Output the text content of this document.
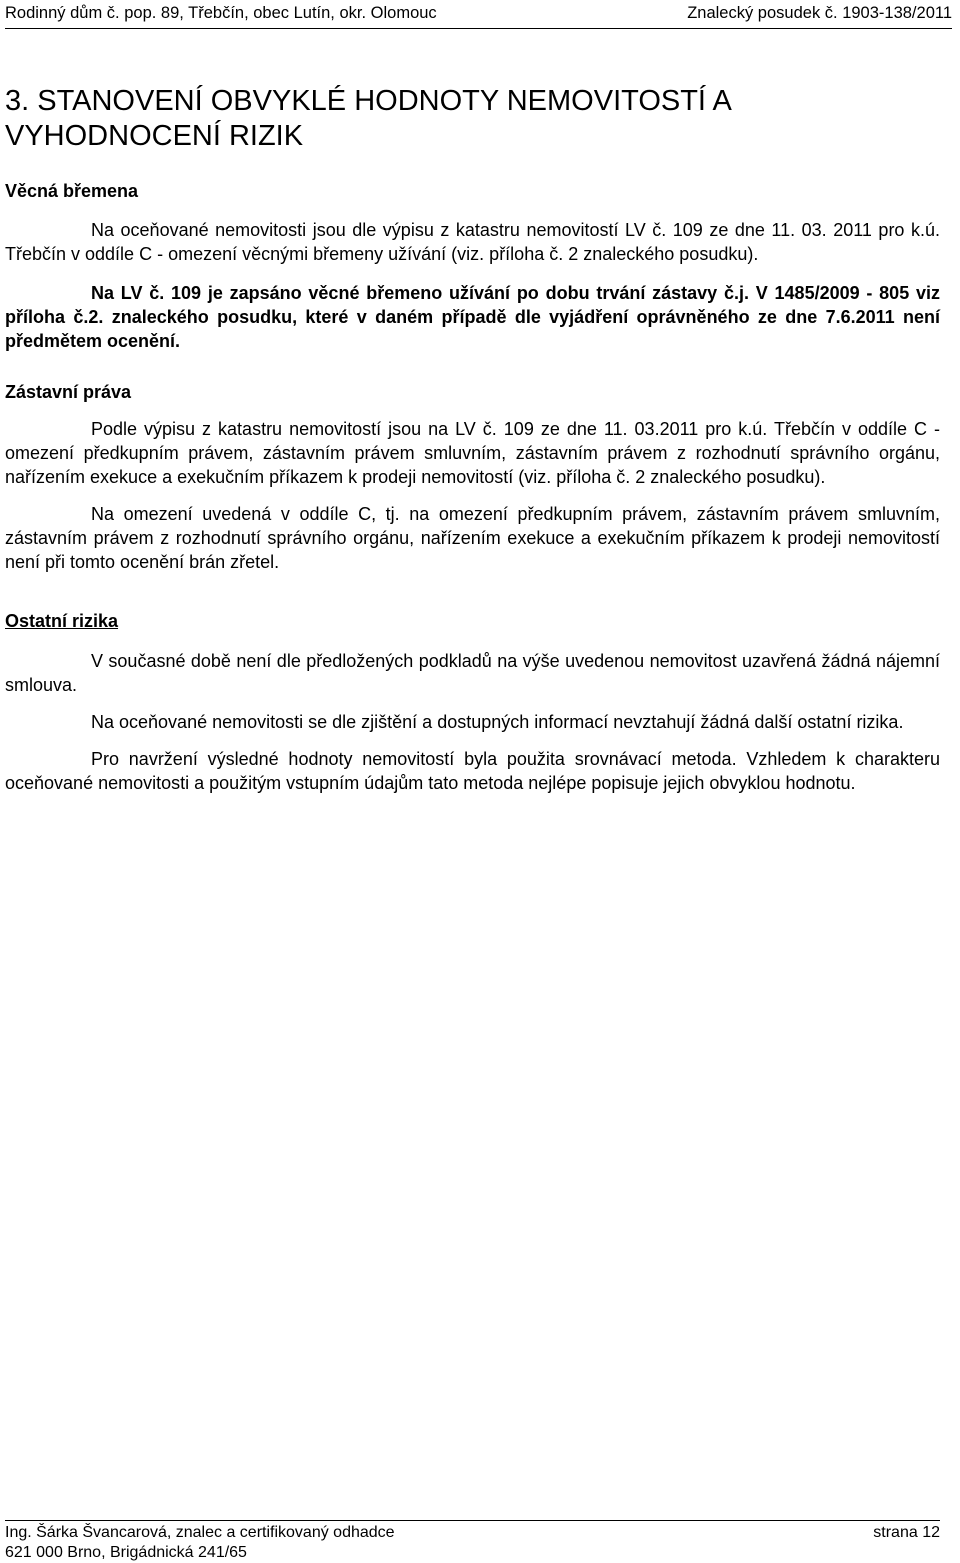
Rodinný dům č. pop. 89, Třebčín, obec Lutín, okr. Olomouc	Znalecký posudek č. 1903-138/2011
3. STANOVENÍ OBVYKLÉ HODNOTY NEMOVITOSTÍ A VYHODNOCENÍ RIZIK
Věcná břemena

Na oceňované nemovitosti jsou dle výpisu z katastru nemovitostí LV č. 109 ze dne 11. 03. 2011 pro k.ú. Třebčín v oddíle C - omezení věcnými břemeny užívání (viz. příloha č. 2 znaleckého posudku).

Na LV č. 109 je zapsáno věcné břemeno užívání po dobu trvání zástavy č.j. V 1485/2009 - 805 viz příloha č.2. znaleckého posudku, které v daném případě dle vyjádření oprávněného ze dne 7.6.2011 není předmětem ocenění.

Zástavní práva

Podle výpisu z katastru nemovitostí jsou na LV č. 109 ze dne 11. 03.2011 pro k.ú. Třebčín v oddíle C - omezení předkupním právem, zástavním právem smluvním, zástavním právem z rozhodnutí správního orgánu, nařízením exekuce a exekučním příkazem k prodeji nemovitostí (viz. příloha č. 2 znaleckého posudku).

Na omezení uvedená v oddíle C, tj. na omezení předkupním právem, zástavním právem smluvním, zástavním právem z rozhodnutí správního orgánu, nařízením exekuce a exekučním příkazem k prodeji nemovitostí není při tomto ocenění brán zřetel.

Ostatní rizika

V současné době není dle předložených podkladů na výše uvedenou nemovitost uzavřená žádná nájemní smlouva.

Na oceňované nemovitosti se dle zjištění a dostupných informací nevztahují žádná další ostatní rizika.

Pro navržení výsledné hodnoty nemovitostí byla použita srovnávací metoda. Vzhledem k charakteru oceňované nemovitosti a použitým vstupním údajům tato metoda nejlépe popisuje jejich obvyklou hodnotu.

Ing. Šárka Švancarová, znalec a certifikovaný odhadce	strana 12
621 000 Brno, Brigádnická 241/65
